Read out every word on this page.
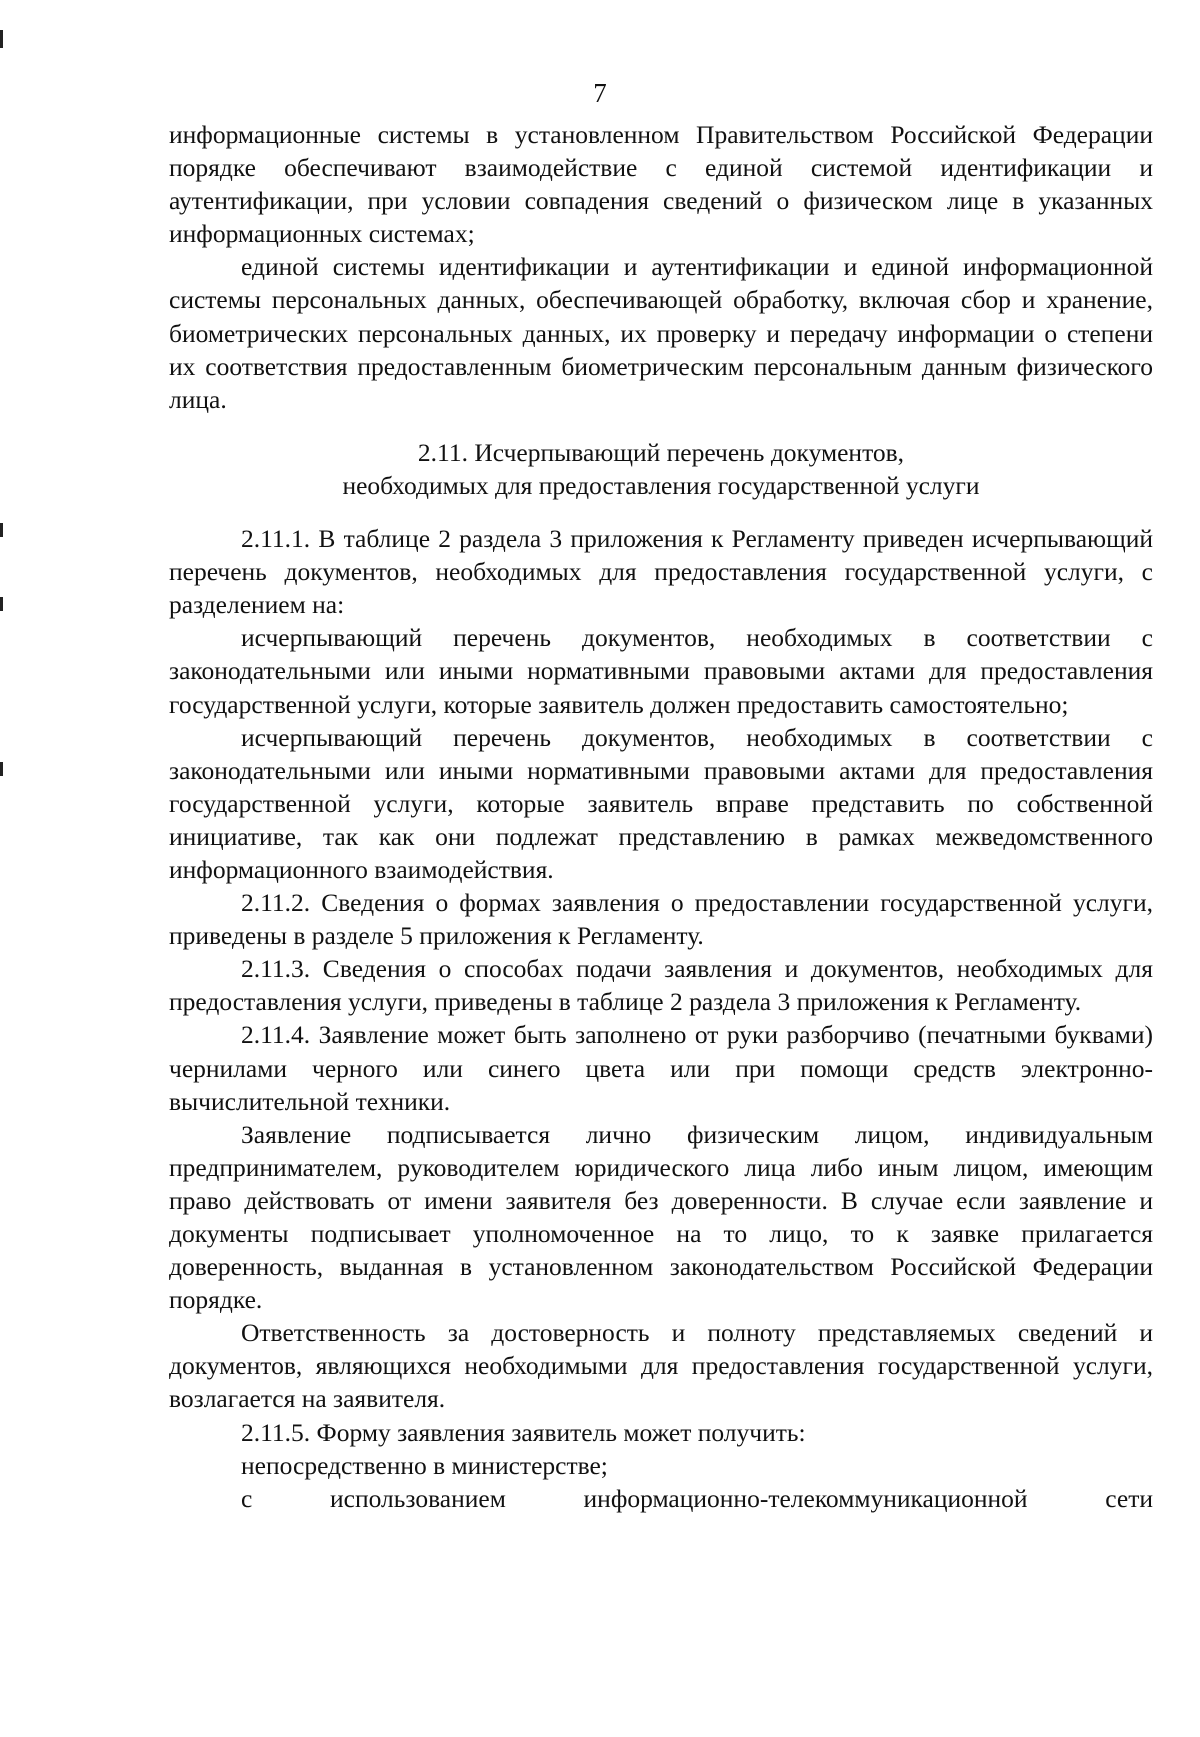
7

информационные системы в установленном Правительством Российской Федерации порядке обеспечивают взаимодействие с единой системой идентификации и аутентификации, при условии совпадения сведений о физическом лице в указанных информационных системах;

единой системы идентификации и аутентификации и единой информационной системы персональных данных, обеспечивающей обработку, включая сбор и хранение, биометрических персональных данных, их проверку и передачу информации о степени их соответствия предоставленным биометрическим персональным данным физического лица.

2.11. Исчерпывающий перечень документов,
необходимых для предоставления государственной услуги

2.11.1. В таблице 2 раздела 3 приложения к Регламенту приведен исчерпывающий перечень документов, необходимых для предоставления государственной услуги, с разделением на:

исчерпывающий перечень документов, необходимых в соответствии с законодательными или иными нормативными правовыми актами для предоставления государственной услуги, которые заявитель должен предоставить самостоятельно;

исчерпывающий перечень документов, необходимых в соответствии с законодательными или иными нормативными правовыми актами для предоставления государственной услуги, которые заявитель вправе представить по собственной инициативе, так как они подлежат представлению в рамках межведомственного информационного взаимодействия.

2.11.2. Сведения о формах заявления о предоставлении государственной услуги, приведены в разделе 5 приложения к Регламенту.

2.11.3. Сведения о способах подачи заявления и документов, необходимых для предоставления услуги, приведены в таблице 2 раздела 3 приложения к Регламенту.

2.11.4. Заявление может быть заполнено от руки разборчиво (печатными буквами) чернилами черного или синего цвета или при помощи средств электронно-вычислительной техники.

Заявление подписывается лично физическим лицом, индивидуальным предпринимателем, руководителем юридического лица либо иным лицом, имеющим право действовать от имени заявителя без доверенности. В случае если заявление и документы подписывает уполномоченное на то лицо, то к заявке прилагается доверенность, выданная в установленном законодательством Российской Федерации порядке.

Ответственность за достоверность и полноту представляемых сведений и документов, являющихся необходимыми для предоставления государственной услуги, возлагается на заявителя.

2.11.5. Форму заявления заявитель может получить:

непосредственно в министерстве;

с использованием информационно-телекоммуникационной сети
